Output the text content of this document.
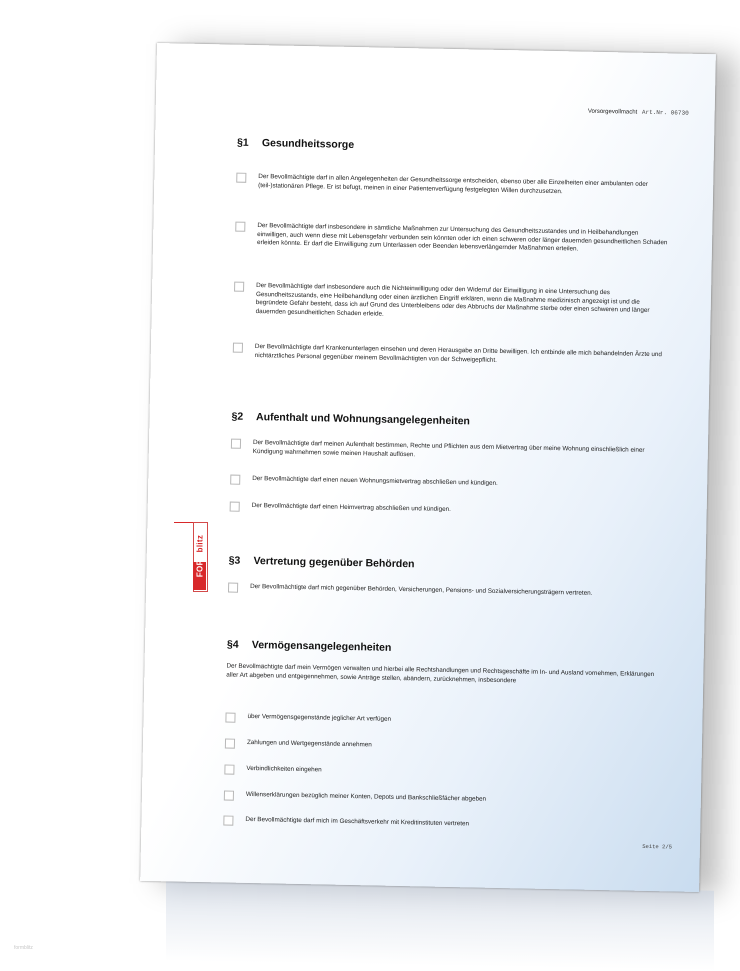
Vorsorgevollmacht Art.Nr. 06730
§1 Gesundheitssorge
Der Bevollmächtigte darf in allen Angelegenheiten der Gesundheitssorge entscheiden, ebenso über alle Einzelheiten einer ambulanten oder (teil-)stationären Pflege. Er ist befugt, meinen in einer Patientenverfügung festgelegten Willen durchzusetzen.
Der Bevollmächtigte darf insbesondere in sämtliche Maßnahmen zur Untersuchung des Gesundheitszustandes und in Heilbehandlungen einwilligen, auch wenn diese mit Lebensgefahr verbunden sein könnten oder ich einen schweren oder länger dauernden gesundheitlichen Schaden erleiden könnte. Er darf die Einwilligung zum Unterlassen oder Beenden lebensverlängernder Maßnahmen erteilen.
Der Bevollmächtigte darf insbesondere auch die Nichteinwilligung oder den Widerruf der Einwilligung in eine Untersuchung des Gesundheitszustands, eine Heilbehandlung oder einen ärztlichen Eingriff erklären, wenn die Maßnahme medizinisch angezeigt ist und die begründete Gefahr besteht, dass ich auf Grund des Unterbleibens oder des Abbruchs der Maßnahme sterbe oder einen schweren und länger dauernden gesundheitlichen Schaden erleide.
Der Bevollmächtigte darf Krankenunterlagen einsehen und deren Herausgabe an Dritte bewilligen. Ich entbinde alle mich behandelnden Ärzte und nichtärztliches Personal gegenüber meinem Bevollmächtigten von der Schweigepflicht.
§2 Aufenthalt und Wohnungsangelegenheiten
Der Bevollmächtigte darf meinen Aufenthalt bestimmen, Rechte und Pflichten aus dem Mietvertrag über meine Wohnung einschließlich einer Kündigung wahrnehmen sowie meinen Haushalt auflösen.
Der Bevollmächtigte darf einen neuen Wohnungsmietvertrag abschließen und kündigen.
Der Bevollmächtigte darf einen Heimvertrag abschließen und kündigen.
§3 Vertretung gegenüber Behörden
Der Bevollmächtigte darf mich gegenüber Behörden, Versicherungen, Pensions- und Sozialversicherungsträgern vertreten.
§4 Vermögensangelegenheiten
Der Bevollmächtigte darf mein Vermögen verwalten und hierbei alle Rechtshandlungen und Rechtsgeschäfte im In- und Ausland vornehmen, Erklärungen aller Art abgeben und entgegennehmen, sowie Anträge stellen, abändern, zurücknehmen, insbesondere
über Vermögensgegenstände jeglicher Art verfügen
Zahlungen und Wertgegenstände annehmen
Verbindlichkeiten eingehen
Willenserklärungen bezüglich meiner Konten, Depots und Bankschließfächer abgeben
Der Bevollmächtigte darf mich im Geschäftsverkehr mit Kreditinstituten vertreten
Seite 2/5
FORMblitz
formblitz
